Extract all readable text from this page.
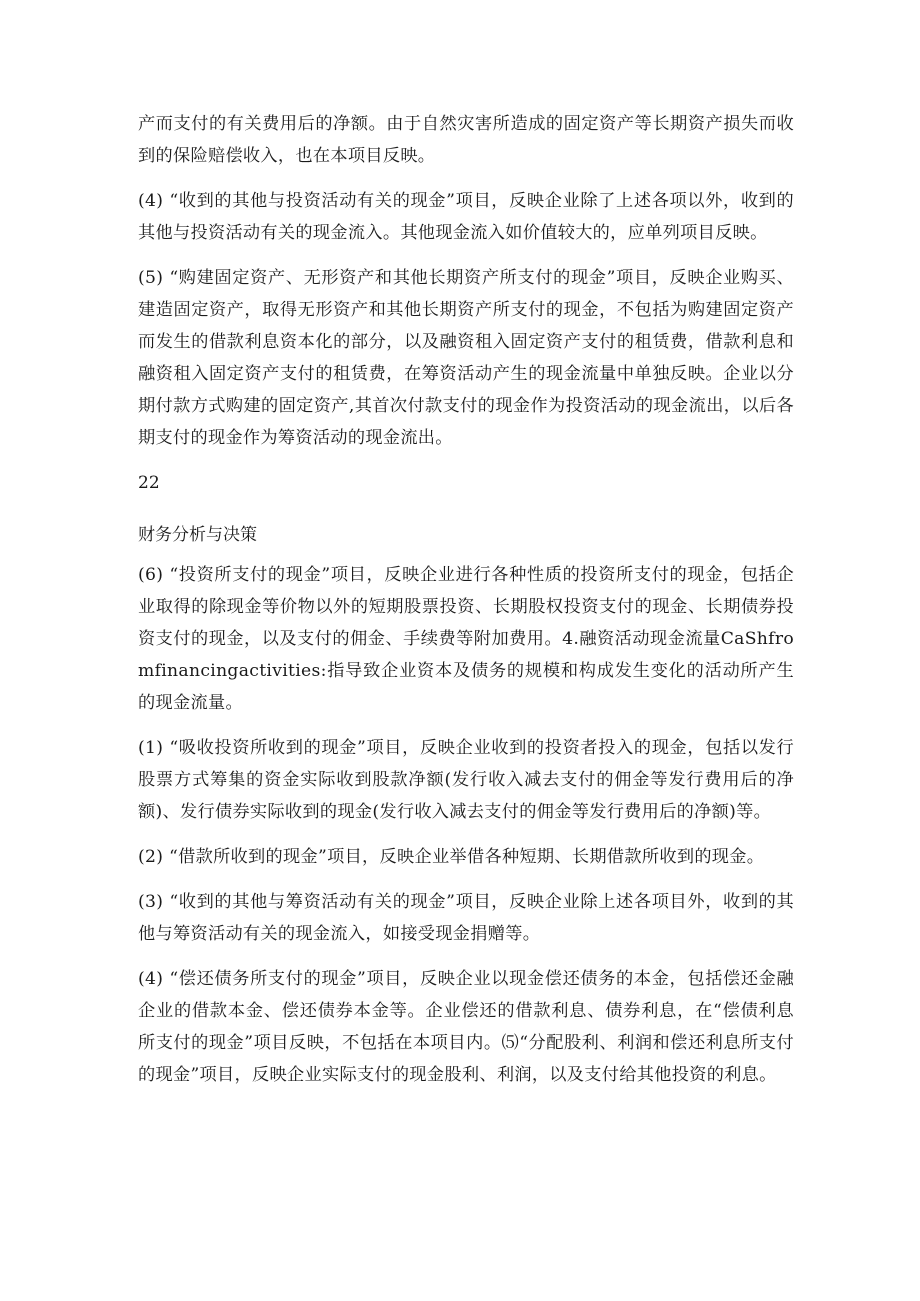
产而支付的有关费用后的净额。由于自然灾害所造成的固定资产等长期资产损失而收到的保险赔偿收入，也在本项目反映。

(4) “收到的其他与投资活动有关的现金”项目，反映企业除了上述各项以外，收到的其他与投资活动有关的现金流入。其他现金流入如价值较大的，应单列项目反映。

(5) “购建固定资产、无形资产和其他长期资产所支付的现金”项目，反映企业购买、建造固定资产，取得无形资产和其他长期资产所支付的现金，不包括为购建固定资产而发生的借款利息资本化的部分，以及融资租入固定资产支付的租赁费，借款利息和融资租入固定资产支付的租赁费，在筹资活动产生的现金流量中单独反映。企业以分期付款方式购建的固定资产,其首次付款支付的现金作为投资活动的现金流出，以后各期支付的现金作为筹资活动的现金流出。

22
财务分析与决策

(6) “投资所支付的现金”项目，反映企业进行各种性质的投资所支付的现金，包括企业取得的除现金等价物以外的短期股票投资、长期股权投资支付的现金、长期债券投资支付的现金，以及支付的佣金、手续费等附加费用。4.融资活动现金流量CaShfromfinancingactivities:指导致企业资本及债务的规模和构成发生变化的活动所产生的现金流量。

(1) “吸收投资所收到的现金”项目，反映企业收到的投资者投入的现金，包括以发行股票方式筹集的资金实际收到股款净额(发行收入减去支付的佣金等发行费用后的净额)、发行债券实际收到的现金(发行收入减去支付的佣金等发行费用后的净额)等。

(2) “借款所收到的现金”项目，反映企业举借各种短期、长期借款所收到的现金。

(3) “收到的其他与筹资活动有关的现金”项目，反映企业除上述各项目外，收到的其他与筹资活动有关的现金流入，如接受现金捐赠等。

(4) “偿还债务所支付的现金”项目，反映企业以现金偿还债务的本金，包括偿还金融企业的借款本金、偿还债券本金等。企业偿还的借款利息、债券利息，在“偿债利息所支付的现金”项目反映，不包括在本项目内。⑸“分配股利、利润和偿还利息所支付的现金”项目，反映企业实际支付的现金股利、利润，以及支付给其他投资的利息。
